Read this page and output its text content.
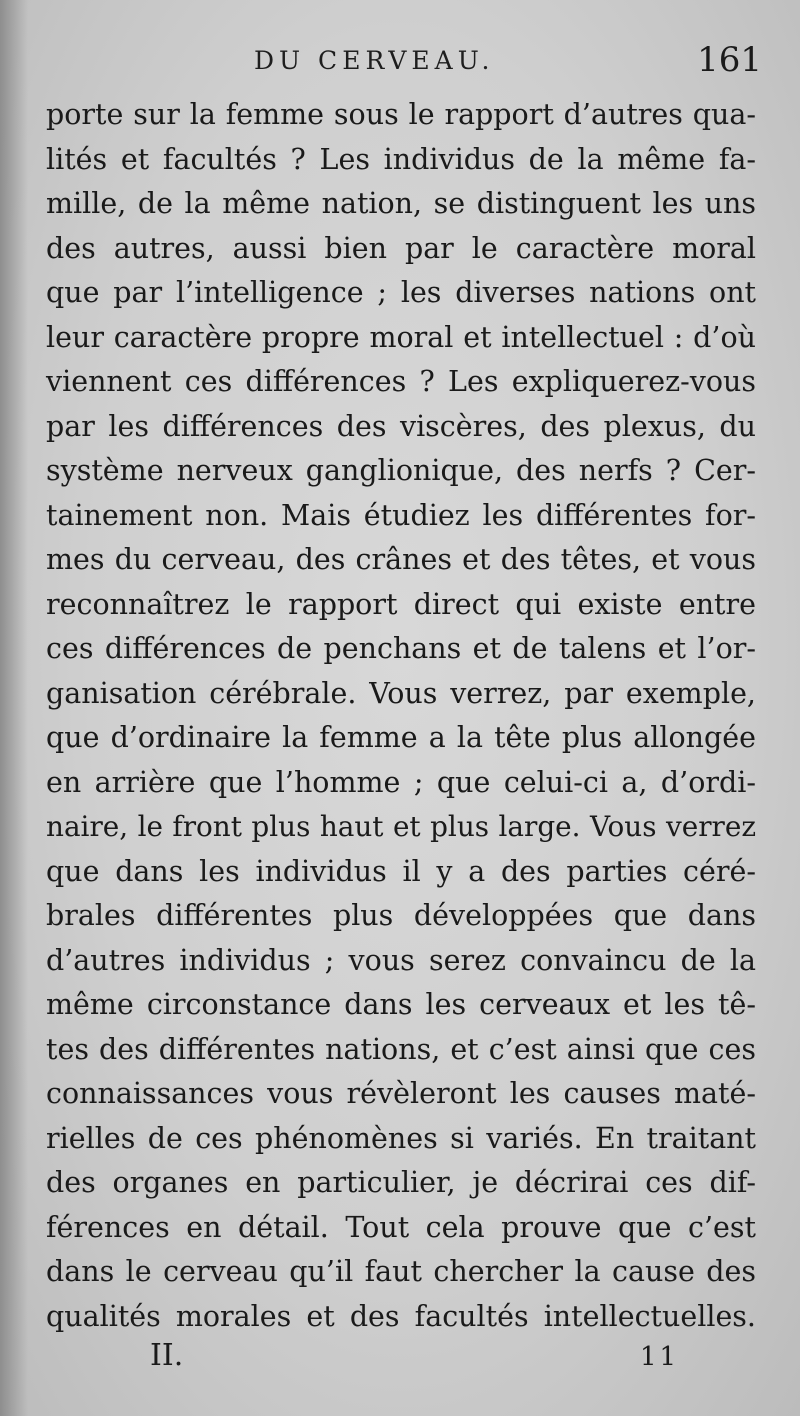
DU CERVEAU.	161
porte sur la femme sous le rapport d’autres qua-
lités et facultés ? Les individus de la même fa-
mille, de la même nation, se distinguent les uns
des autres, aussi bien par le caractère moral
que par l’intelligence ; les diverses nations ont
leur caractère propre moral et intellectuel : d’où
viennent ces différences ? Les expliquerez-vous
par les différences des viscères, des plexus, du
système nerveux ganglionique, des nerfs ? Cer-
tainement non. Mais étudiez les différentes for-
mes du cerveau, des crânes et des têtes, et vous
reconnaîtrez le rapport direct qui existe entre
ces différences de penchans et de talens et l’or-
ganisation cérébrale. Vous verrez, par exemple,
que d’ordinaire la femme a la tête plus allongée
en arrière que l’homme ; que celui-ci a, d’ordi-
naire, le front plus haut et plus large. Vous verrez
que dans les individus il y a des parties céré-
brales différentes plus développées que dans
d’autres individus ; vous serez convaincu de la
même circonstance dans les cerveaux et les tê-
tes des différentes nations, et c’est ainsi que ces
connaissances vous révèleront les causes maté-
rielles de ces phénomènes si variés. En traitant
des organes en particulier, je décrirai ces dif-
férences en détail. Tout cela prouve que c’est
dans le cerveau qu’il faut chercher la cause des
qualités morales et des facultés intellectuelles.
II.	11
